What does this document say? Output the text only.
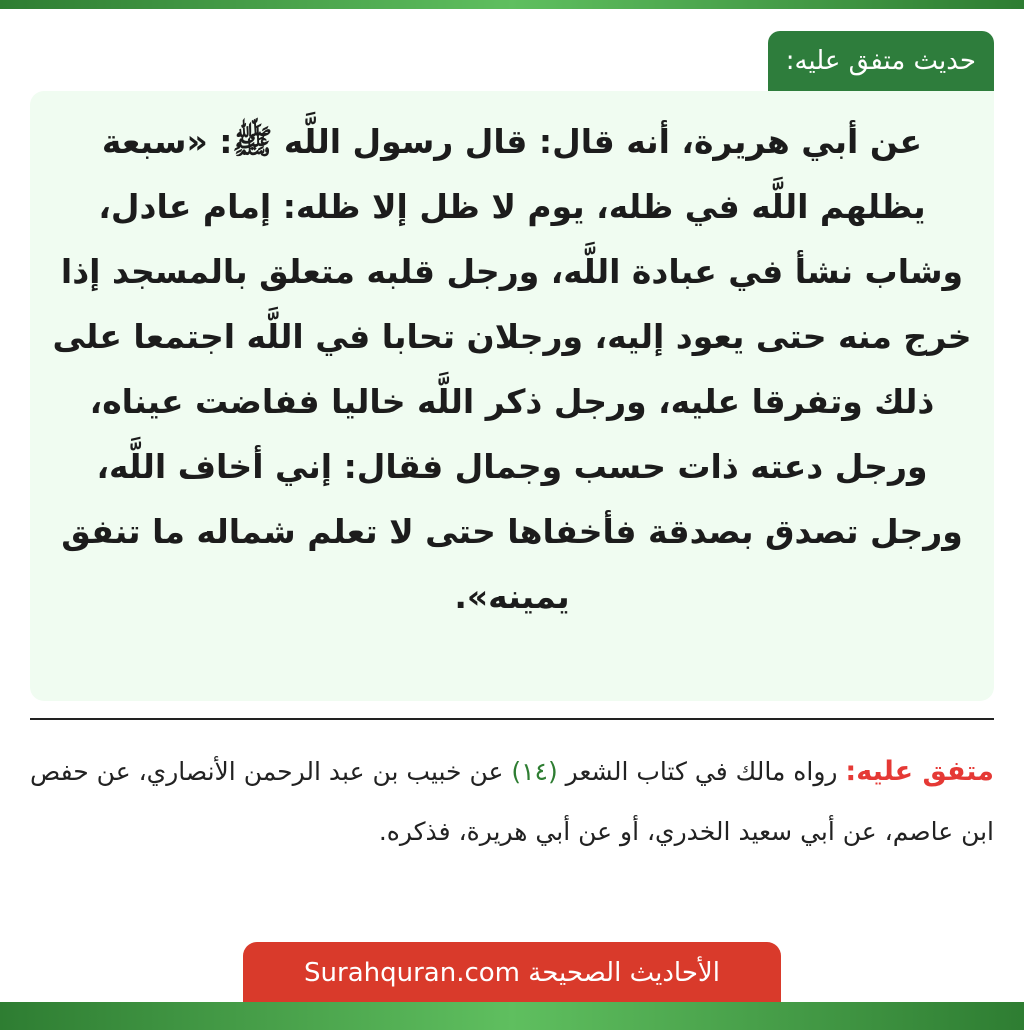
حديث متفق عليه:

عن أبي هريرة، أنه قال: قال رسول اللَّه ﷺ: «سبعة يظلهم اللَّه في ظله، يوم لا ظل إلا ظله: إمام عادل، وشاب نشأ في عبادة اللَّه، ورجل قلبه متعلق بالمسجد إذا

خرج منه حتى يعود إليه، ورجلان تحابا في اللَّه اجتمعا على ذلك وتفرقا عليه، ورجل ذكر اللَّه خاليا ففاضت عيناه، ورجل دعته ذات حسب وجمال فقال: إني أخاف اللَّه، ورجل تصدق بصدقة فأخفاها حتى لا تعلم شماله ما تنفق يمينه».

متفق عليه: رواه مالك في كتاب الشعر (١٤) عن خبيب بن عبد الرحمن الأنصاري، عن حفص ابن عاصم، عن أبي سعيد الخدري، أو عن أبي هريرة، فذكره.
الأحاديث الصحيحة Surahquran.com
